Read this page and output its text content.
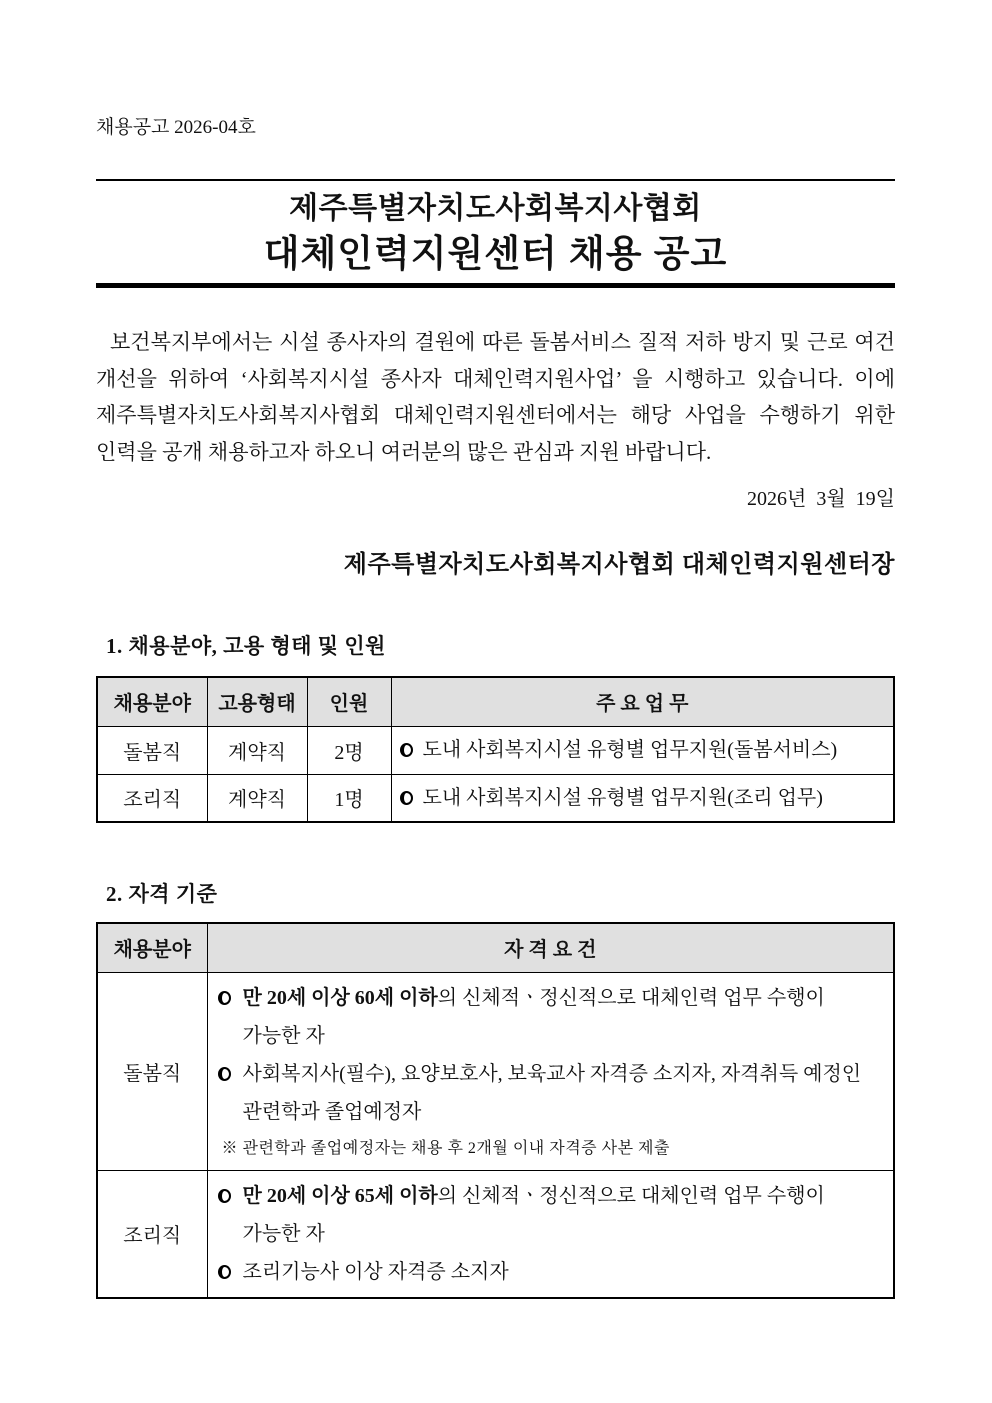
채용공고 2026-04호
제주특별자치도사회복지사협회
대체인력지원센터 채용 공고
보건복지부에서는 시설 종사자의 결원에 따른 돌봄서비스 질적 저하 방지 및 근로 여건 개선을 위하여 ‘사회복지시설 종사자 대체인력지원사업’ 을 시행하고 있습니다. 이에 제주특별자치도사회복지사협회 대체인력지원센터에서는 해당 사업을 수행하기 위한 인력을 공개 채용하고자 하오니 여러분의 많은 관심과 지원 바랍니다.
2026년  3월  19일
제주특별자치도사회복지사협회 대체인력지원센터장
1. 채용분야, 고용 형태 및 인원
채용분야	고용형태	인원	주 요 업 무
돌봄직	계약직	2명	도내 사회복지시설 유형별 업무지원(돌봄서비스)

조리직	계약직	1명	도내 사회복지시설 유형별 업무지원(조리 업무)
2. 자격 기준
채용분야	자 격 요 건
돌봄직	만 20세 이상 60세 이하의 신체적ㆍ정신적으로 대체인력 업무 수행이 가능한 자
사회복지사(필수), 요양보호사, 보육교사 자격증 소지자, 자격취득 예정인 관련학과 졸업예정자
※ 관련학과 졸업예정자는 채용 후 2개월 이내 자격증 사본 제출

조리직	만 20세 이상 65세 이하의 신체적ㆍ정신적으로 대체인력 업무 수행이 가능한 자
조리기능사 이상 자격증 소지자
